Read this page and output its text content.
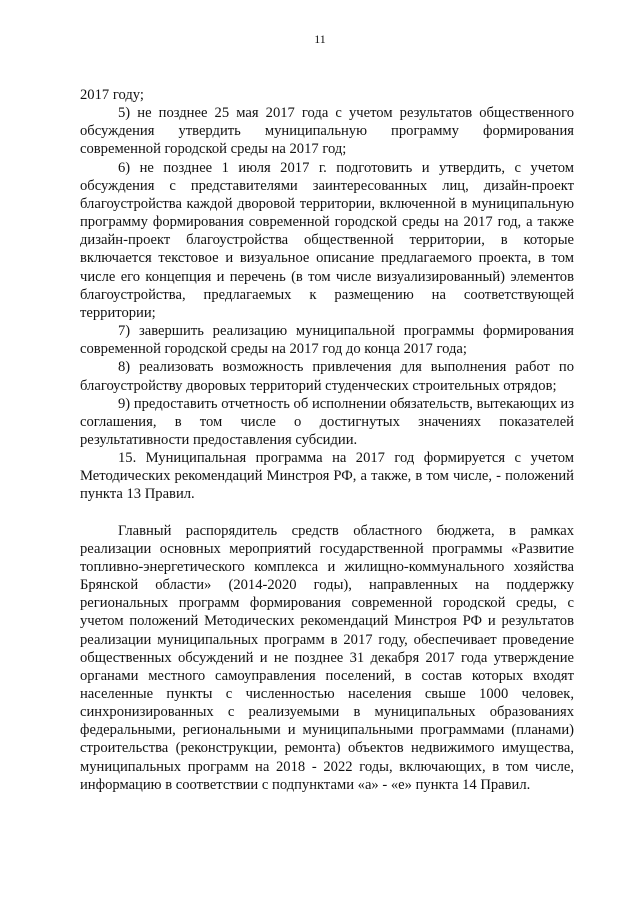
11

2017 году;

5) не позднее 25 мая 2017 года с учетом результатов общественного обсуждения утвердить муниципальную программу формирования современной городской среды на 2017 год;

6) не позднее 1 июля 2017 г. подготовить и утвердить, с учетом обсуждения с представителями заинтересованных лиц, дизайн-проект благоустройства каждой дворовой территории, включенной в муниципальную программу формирования современной городской среды на 2017 год, а также дизайн-проект благоустройства общественной территории, в которые включается текстовое и визуальное описание предлагаемого проекта, в том числе его концепция и перечень (в том числе визуализированный) элементов благоустройства, предлагаемых к размещению на соответствующей территории;

7) завершить реализацию муниципальной программы формирования современной городской среды на 2017 год до конца 2017 года;

8) реализовать возможность привлечения для выполнения работ по благоустройству дворовых территорий студенческих строительных отрядов;

9) предоставить отчетность об исполнении обязательств, вытекающих из соглашения, в том числе о достигнутых значениях показателей результативности предоставления субсидии.

15. Муниципальная программа на 2017 год формируется с учетом Методических рекомендаций Минстроя РФ, а также, в том числе, - положений пункта 13 Правил.

Главный распорядитель средств областного бюджета, в рамках реализации основных мероприятий государственной программы «Развитие топливно-энергетического комплекса и жилищно-коммунального хозяйства Брянской области» (2014-2020 годы), направленных на поддержку региональных программ формирования современной городской среды, с учетом положений Методических рекомендаций Минстроя РФ и результатов реализации муниципальных программ в 2017 году, обеспечивает проведение общественных обсуждений и не позднее 31 декабря 2017 года утверждение органами местного самоуправления поселений, в состав которых входят населенные пункты с численностью населения свыше 1000 человек, синхронизированных с реализуемыми в муниципальных образованиях федеральными, региональными и муниципальными программами (планами) строительства (реконструкции, ремонта) объектов недвижимого имущества, муниципальных программ на 2018 - 2022 годы, включающих, в том числе, информацию в соответствии с подпунктами «а» - «е» пункта 14 Правил.
